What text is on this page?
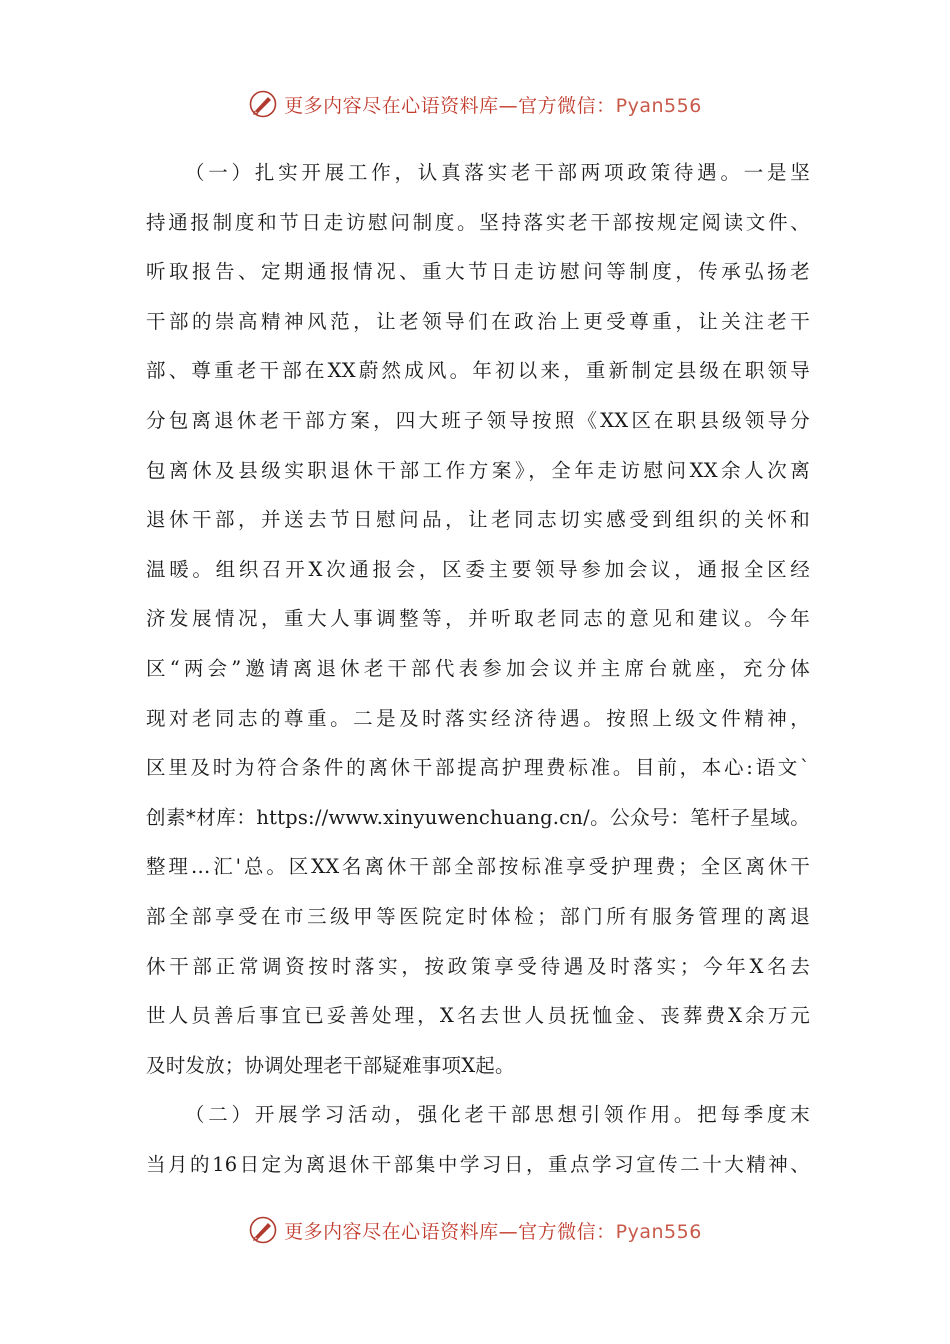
更多内容尽在心语资料库—官方微信：Pyan556
（一）扎实开展工作，认真落实老干部两项政策待遇。一是坚
持通报制度和节日走访慰问制度。坚持落实老干部按规定阅读文件、
听取报告、定期通报情况、重大节日走访慰问等制度，传承弘扬老
干部的崇高精神风范，让老领导们在政治上更受尊重，让关注老干
部、尊重老干部在XX蔚然成风。年初以来，重新制定县级在职领导
分包离退休老干部方案，四大班子领导按照《XX区在职县级领导分
包离休及县级实职退休干部工作方案》，全年走访慰问XX余人次离
退休干部，并送去节日慰问品，让老同志切实感受到组织的关怀和
温暖。组织召开X次通报会，区委主要领导参加会议，通报全区经
济发展情况，重大人事调整等，并听取老同志的意见和建议。今年
区“两会”邀请离退休老干部代表参加会议并主席台就座，充分体
现对老同志的尊重。二是及时落实经济待遇。按照上级文件精神，
区里及时为符合条件的离休干部提高护理费标准。目前，本心:语文`
创素*材库：https://www.xinyuwenchuang.cn/。公众号：笔杆子星域。
整理…汇'总。区XX名离休干部全部按标准享受护理费；全区离休干
部全部享受在市三级甲等医院定时体检；部门所有服务管理的离退
休干部正常调资按时落实，按政策享受待遇及时落实；今年X名去
世人员善后事宜已妥善处理，X名去世人员抚恤金、丧葬费X余万元
及时发放；协调处理老干部疑难事项X起。
（二）开展学习活动，强化老干部思想引领作用。把每季度末
当月的16日定为离退休干部集中学习日，重点学习宣传二十大精神、
更多内容尽在心语资料库—官方微信：Pyan556
